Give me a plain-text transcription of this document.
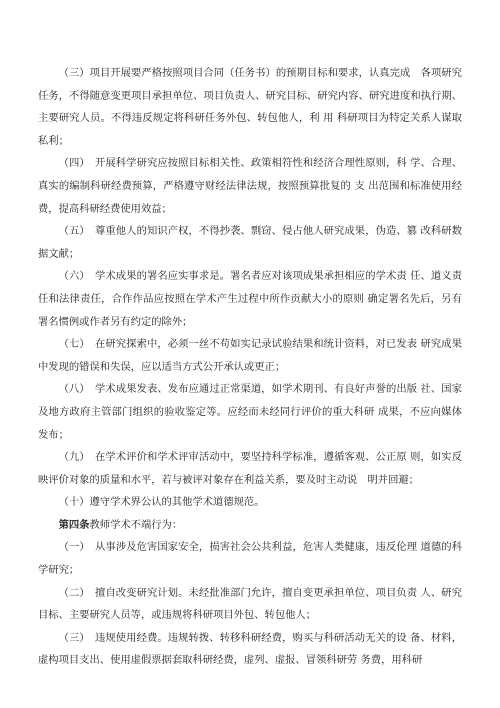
（三）项目开展要严格按照项目合同（任务书）的预期目标和要求，认真完成　各项研究任务，不得随意变更项目承担单位、项目负责人、研究目标、研究内容、研究进度和执行期、主要研究人员。不得违反规定将科研任务外包、转包他人，利 用 科研项目为特定关系人谋取私利；

（四）　开展科学研究应按照目标相关性、政策相符性和经济合理性原则，科 学、合理、真实的编制科研经费预算，严格遵守财经法律法规，按照预算批复的 支 出范围和标准使用经费，提高科研经费使用效益；

（五）　尊重他人的知识产权，不得抄袭、剽窃、侵占他人研究成果，伪造、篡 改科研数据文献；

（六）　学术成果的署名应实事求是。署名者应对该项成果承担相应的学术责 任、道义责任和法律责任，合作作品应按照在学术产生过程中所作贡献大小的原则 确定署名先后，另有署名惯例或作者另有约定的除外；

（七）　在研究探索中，必须一丝不苟如实记录试验结果和统计资料，对已发表 研究成果中发现的错误和失误，应以适当方式公开承认或更正；

（八）　学术成果发表、发布应通过正常渠道，如学术期刊、有良好声誉的出版 社、国家及地方政府主管部门组织的验收鉴定等。应经而未经同行评价的重大科研 成果，不应向媒体发布；

（九）　在学术评价和学术评审活动中，要坚持科学标准，遵循客观、公正原 则，如实反映评价对象的质量和水平，若与被评对象存在利益关系，要及时主动说　明并回避；

（十）遵守学术界公认的其他学术道德规范。

第四条教师学术不端行为：

（一）　从事涉及危害国家安全，损害社会公共利益，危害人类健康，违反伦理 道德的科学研究；

（二）　擅自改变研究计划。未经批准部门允许，擅自变更承担单位、项目负责 人、研究目标、主要研究人员等，或违规将科研项目外包、转包他人；

（三）　违规使用经费。违规转拨、转移科研经费，购买与科研活动无关的设 备、材料，虚构项目支出、使用虚假票据套取科研经费，虚列、虚报、冒领科研劳 务费，用科研
